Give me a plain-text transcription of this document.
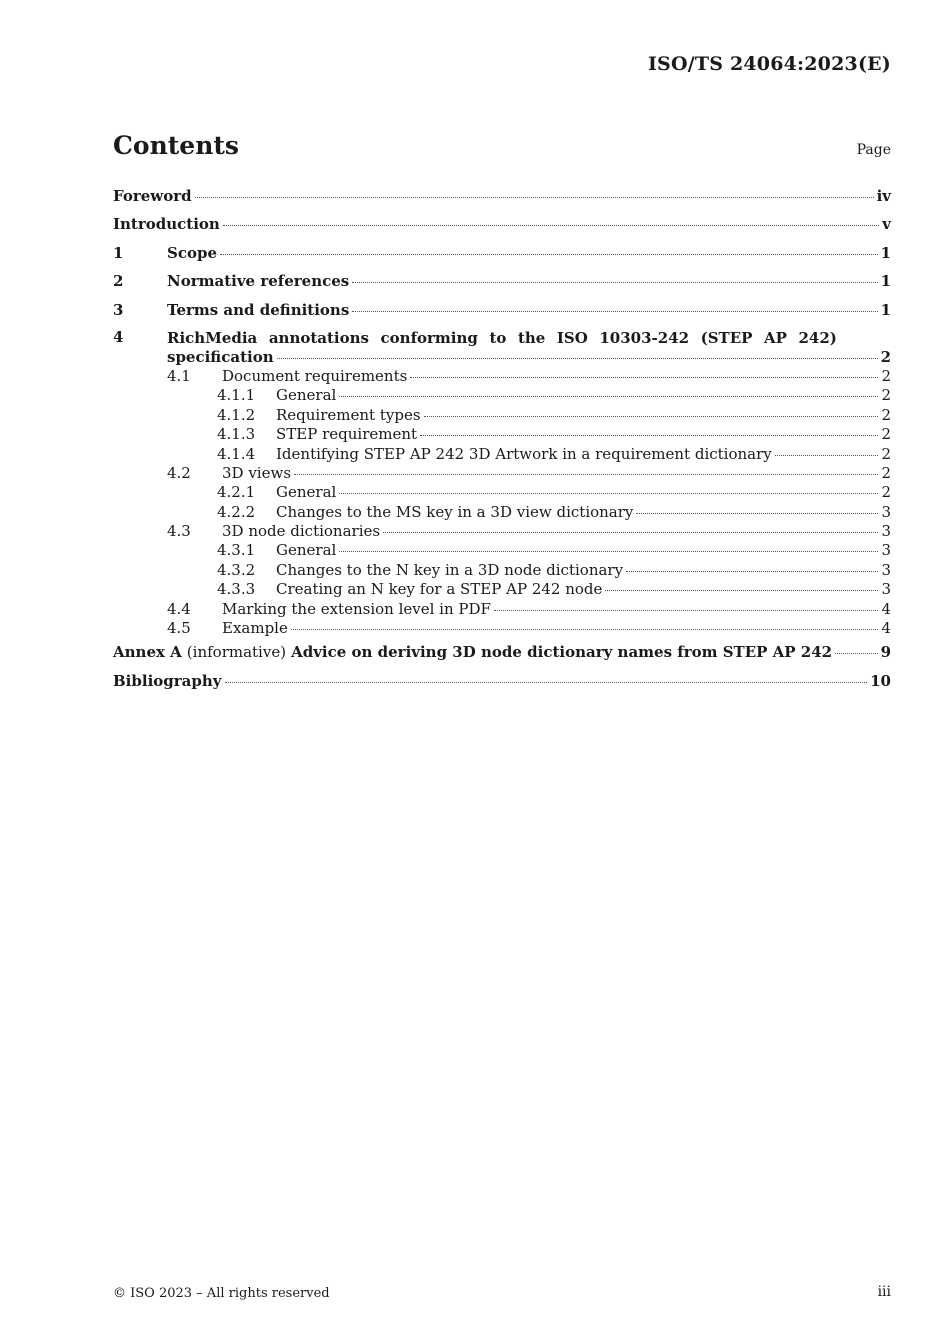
ISO/TS 24064:2023(E)
Contents	Page
Foreword	iv
Introduction	v
1	Scope	1
2	Normative references	1
3	Terms and definitions	1
4	RichMedia annotations conforming to the ISO 10303-242 (STEP AP 242)
specification	2
4.1	Document requirements	2
4.1.1	General	2
4.1.2	Requirement types	2
4.1.3	STEP requirement	2
4.1.4	Identifying STEP AP 242 3D Artwork in a requirement dictionary	2
4.2	3D views	2
4.2.1	General	2
4.2.2	Changes to the MS key in a 3D view dictionary	3
4.3	3D node dictionaries	3
4.3.1	General	3
4.3.2	Changes to the N key in a 3D node dictionary	3
4.3.3	Creating an N key for a STEP AP 242 node	3
4.4	Marking the extension level in PDF	4
4.5	Example	4
Annex A (informative) Advice on deriving 3D node dictionary names from STEP AP 242	9
Bibliography	10
© ISO 2023 – All rights reserved	iii
